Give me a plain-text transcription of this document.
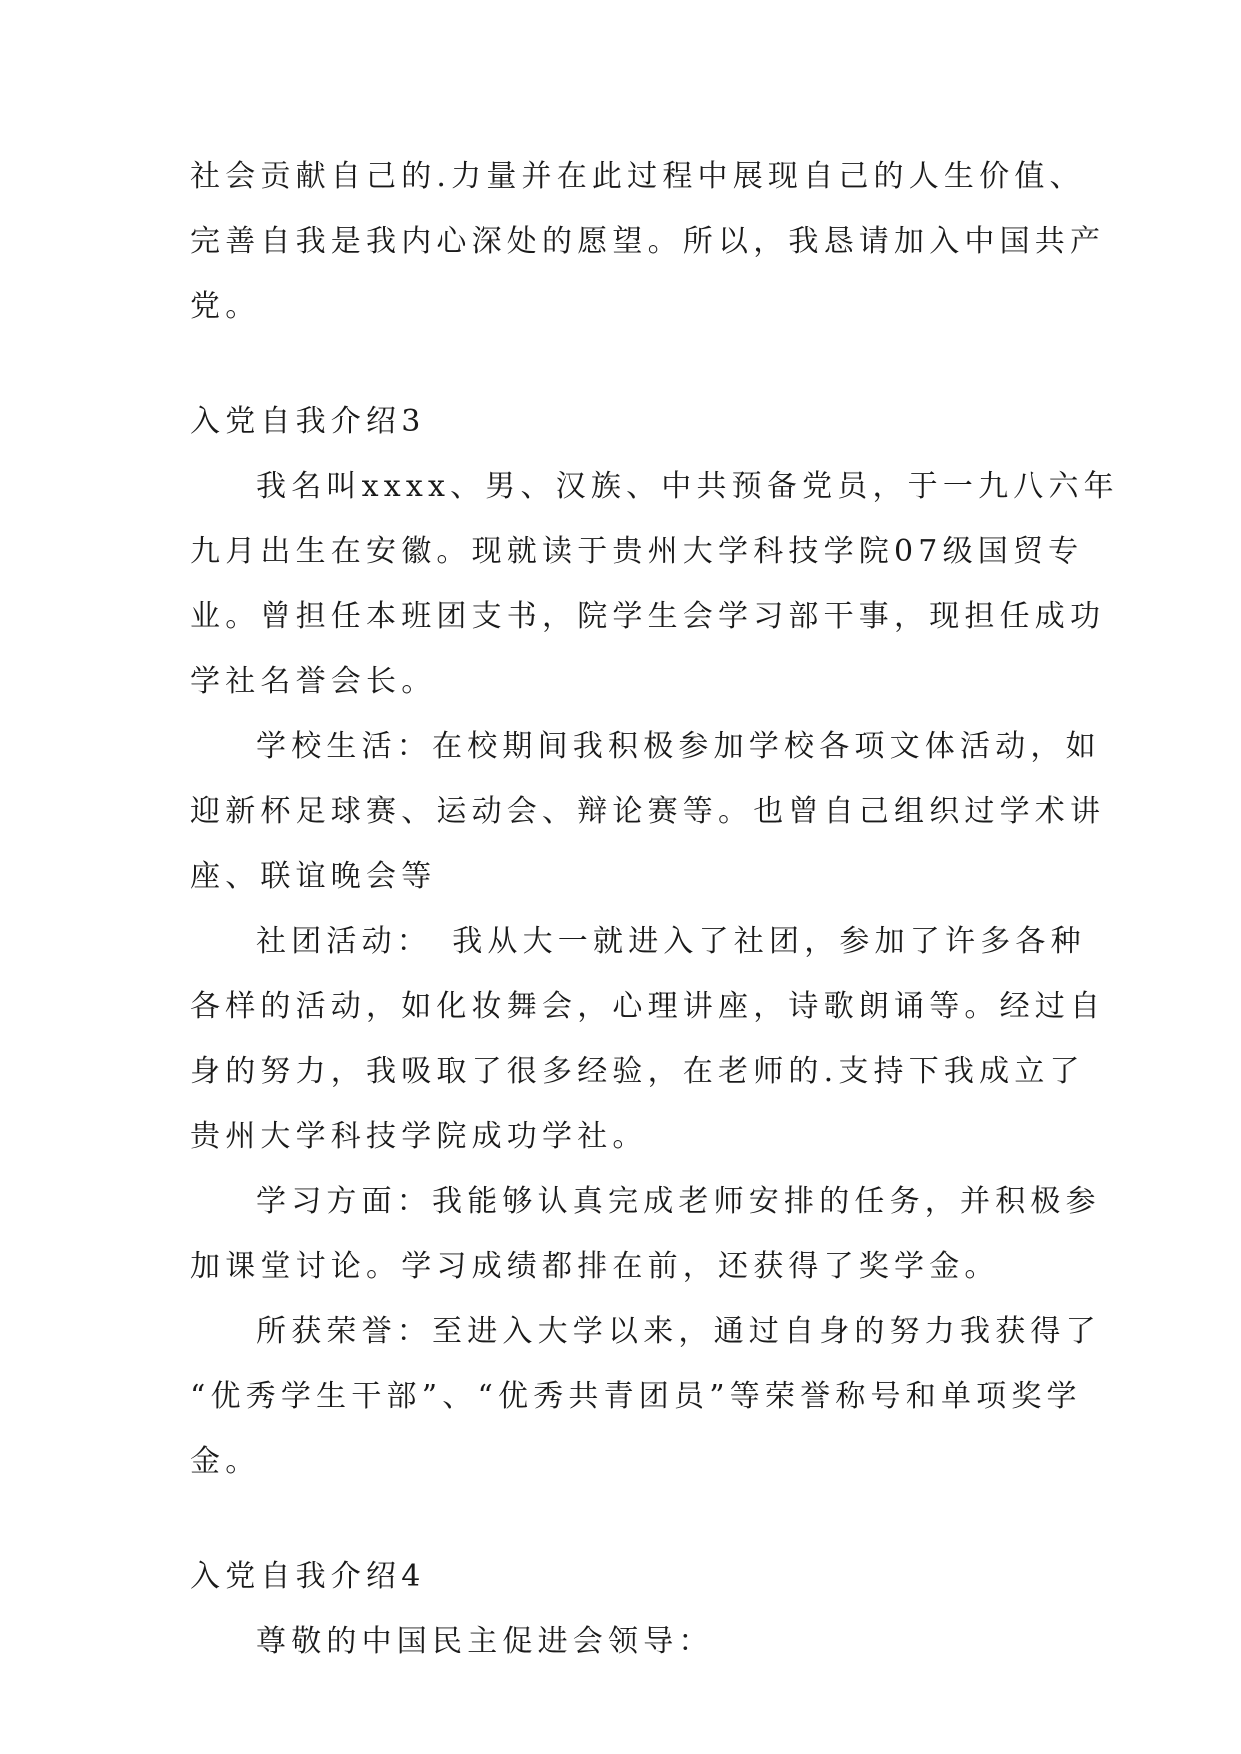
社会贡献自己的.力量并在此过程中展现自己的人生价值、
完善自我是我内心深处的愿望。所以，我恳请加入中国共产
党。
入党自我介绍3
我名叫xxxx、男、汉族、中共预备党员，于一九八六年
九月出生在安徽。现就读于贵州大学科技学院07级国贸专
业。曾担任本班团支书，院学生会学习部干事，现担任成功
学社名誉会长。
学校生活：在校期间我积极参加学校各项文体活动，如
迎新杯足球赛、运动会、辩论赛等。也曾自己组织过学术讲
座、联谊晚会等
社团活动：　我从大一就进入了社团，参加了许多各种
各样的活动，如化妆舞会，心理讲座，诗歌朗诵等。经过自
身的努力，我吸取了很多经验，在老师的.支持下我成立了
贵州大学科技学院成功学社。
学习方面：我能够认真完成老师安排的任务，并积极参
加课堂讨论。学习成绩都排在前，还获得了奖学金。
所获荣誉：至进入大学以来，通过自身的努力我获得了
“优秀学生干部”、“优秀共青团员”等荣誉称号和单项奖学
金。
入党自我介绍4
尊敬的中国民主促进会领导：
